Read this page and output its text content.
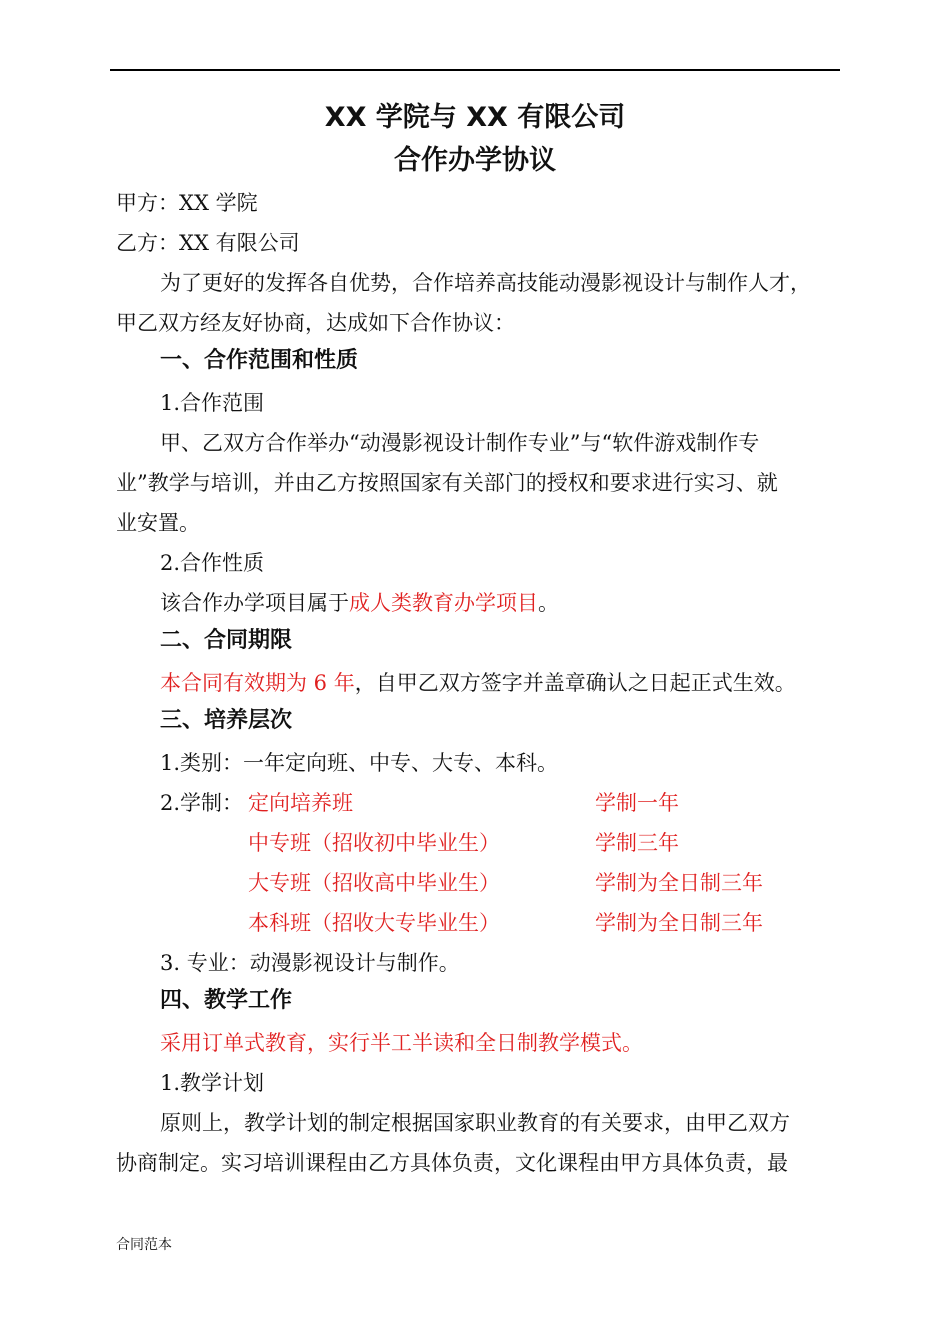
XX 学院与 XX 有限公司
合作办学协议
甲方：XX 学院
乙方：XX 有限公司
为了更好的发挥各自优势，合作培养高技能动漫影视设计与制作人才，
甲乙双方经友好协商，达成如下合作协议：
一、合作范围和性质
1.合作范围
甲、乙双方合作举办“动漫影视设计制作专业”与“软件游戏制作专
业”教学与培训，并由乙方按照国家有关部门的授权和要求进行实习、就
业安置。
2.合作性质
该合作办学项目属于成人类教育办学项目。
二、合同期限
本合同有效期为 6 年，自甲乙双方签字并盖章确认之日起正式生效。
三、培养层次
1.类别：一年定向班、中专、大专、本科。
2.学制： 定向培养班	学制一年
中专班（招收初中毕业生）	学制三年
大专班（招收高中毕业生）	学制为全日制三年
本科班（招收大专毕业生）	学制为全日制三年
3. 专业：动漫影视设计与制作。
四、教学工作
采用订单式教育，实行半工半读和全日制教学模式。
1.教学计划
原则上，教学计划的制定根据国家职业教育的有关要求，由甲乙双方
协商制定。实习培训课程由乙方具体负责，文化课程由甲方具体负责，最
合同范本
